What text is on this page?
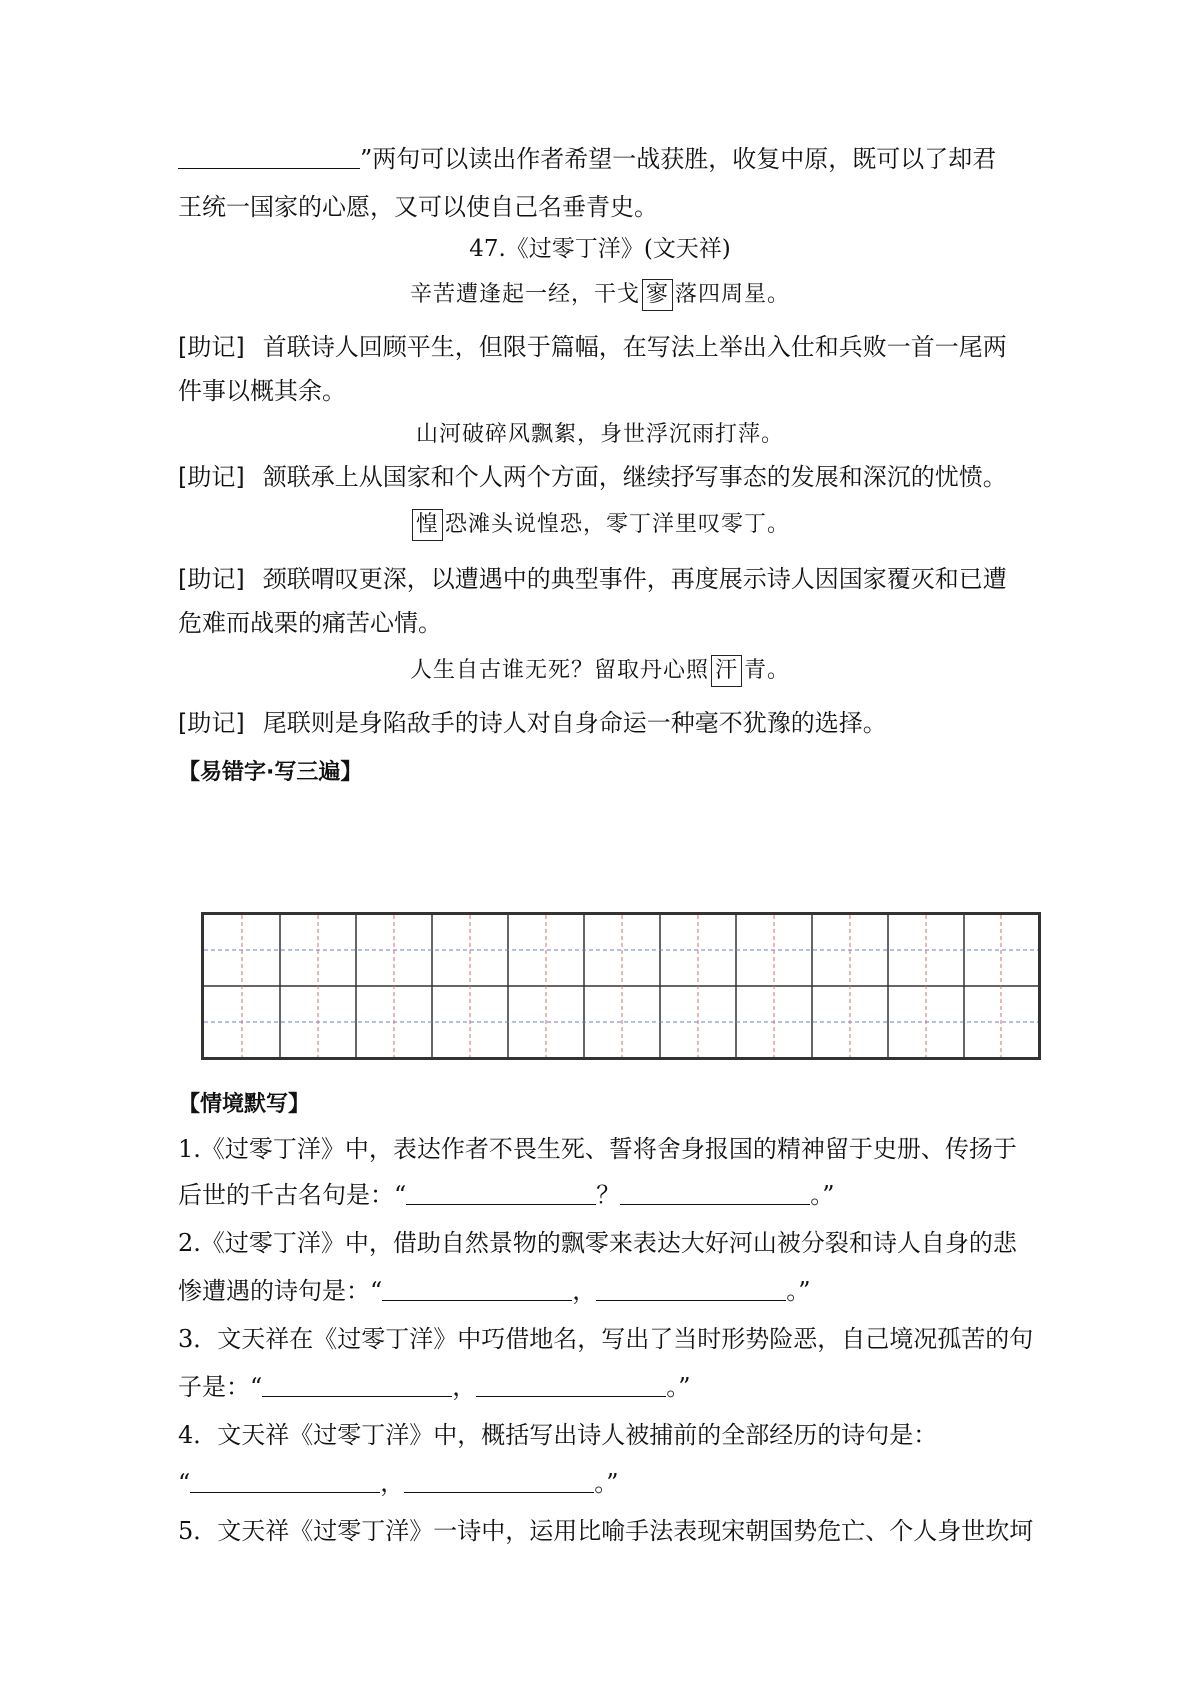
”两句可以读出作者希望一战获胜，收复中原，既可以了却君
王统一国家的心愿，又可以使自己名垂青史。
47.《过零丁洋》(文天祥)
辛苦遭逢起一经，干戈 寥 落四周星。
[助记] 首联诗人回顾平生，但限于篇幅，在写法上举出入仕和兵败一首一尾两
件事以概其余。
山河破碎风飘絮，身世浮沉雨打萍。
[助记] 颔联承上从国家和个人两个方面，继续抒写事态的发展和深沉的忧愤。
惶 恐滩头说惶恐，零丁洋里叹零丁。
[助记] 颈联喟叹更深，以遭遇中的典型事件，再度展示诗人因国家覆灭和已遭
危难而战栗的痛苦心情。
人生自古谁无死？留取丹心照 汗 青。
[助记] 尾联则是身陷敌手的诗人对自身命运一种毫不犹豫的选择。
【易错字·写三遍】
【情境默写】
1.《过零丁洋》中，表达作者不畏生死、誓将舍身报国的精神留于史册、传扬于
后世的千古名句是：“	？	。”
2.《过零丁洋》中，借助自然景物的飘零来表达大好河山被分裂和诗人自身的悲
惨遭遇的诗句是：“	，	。”
3．文天祥在《过零丁洋》中巧借地名，写出了当时形势险恶，自己境况孤苦的句
子是：“	，	。”
4．文天祥《过零丁洋》中，概括写出诗人被捕前的全部经历的诗句是：
“	，	。”
5．文天祥《过零丁洋》一诗中，运用比喻手法表现宋朝国势危亡、个人身世坎坷
